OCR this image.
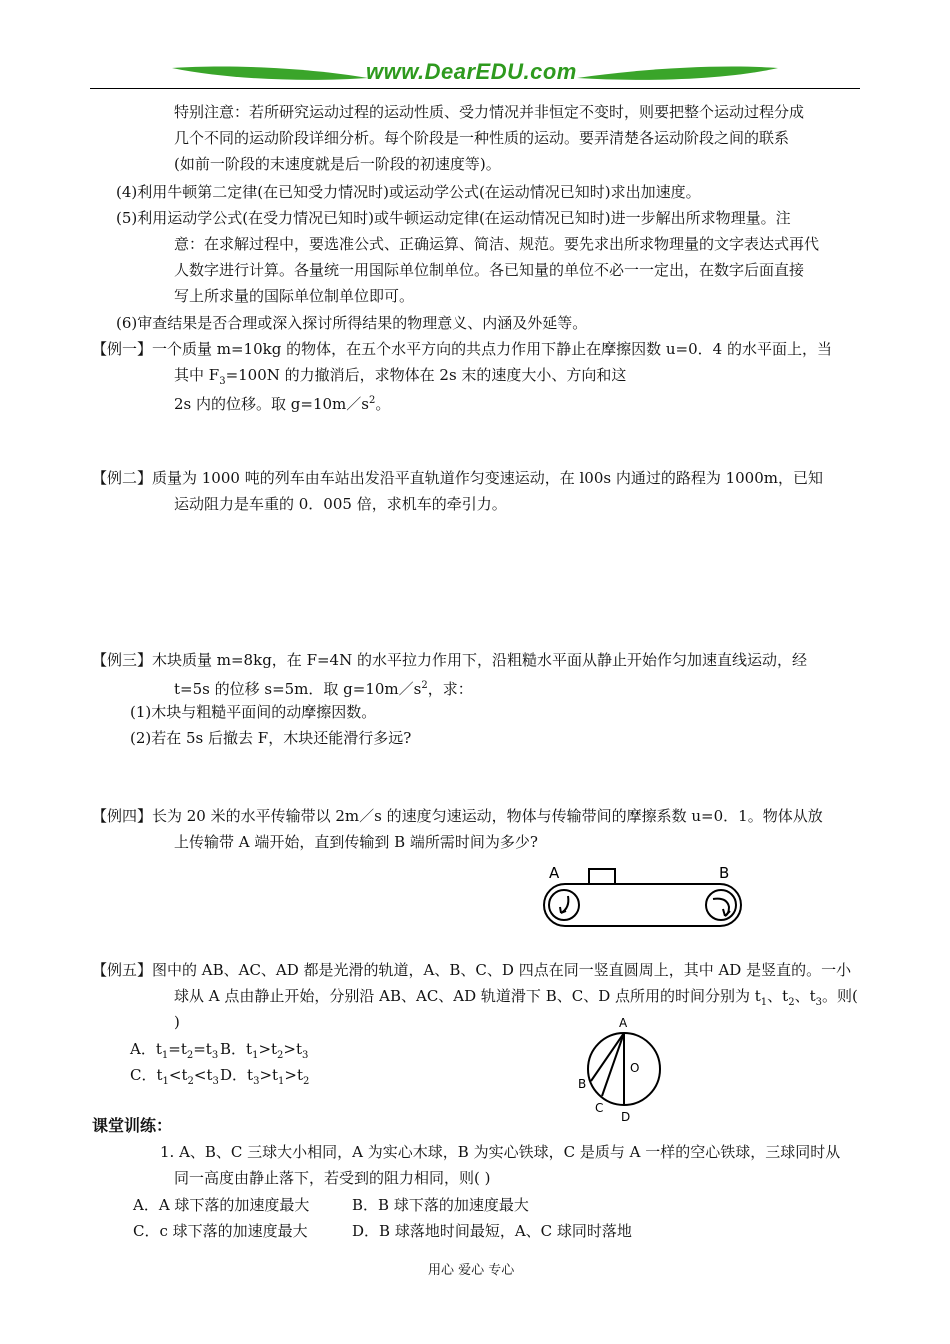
www.DearEDU.com
特别注意：若所研究运动过程的运动性质、受力情况并非恒定不变时，则要把整个运动过程分成
几个不同的运动阶段详细分析。每个阶段是一种性质的运动。要弄清楚各运动阶段之间的联系
(如前一阶段的末速度就是后一阶段的初速度等)。
(4)利用牛顿第二定律(在已知受力情况时)或运动学公式(在运动情况已知时)求出加速度。
(5)利用运动学公式(在受力情况已知时)或牛顿运动定律(在运动情况已知时)进一步解出所求物理量。注
意：在求解过程中，要选准公式、正确运算、简洁、规范。要先求出所求物理量的文字表达式再代
人数字进行计算。各量统一用国际单位制单位。各已知量的单位不必一一定出，在数字后面直接
写上所求量的国际单位制单位即可。
(6)审查结果是否合理或深入探讨所得结果的物理意义、内涵及外延等。
【例一】一个质量 m=10kg 的物体，在五个水平方向的共点力作用下静止在摩擦因数 u=0．4 的水平面上，当
其中 $F_3=100N$ 的力撤消后，求物体在 2s 末的速度大小、方向和这
2s 内的位移。取 $g=10m/s^2$。
【例二】质量为 1000 吨的列车由车站出发沿平直轨道作匀变速运动，在 l00s 内通过的路程为 1000m，已知
运动阻力是车重的 0．005 倍，求机车的牵引力。
【例三】木块质量 m=8kg，在 F=4N 的水平拉力作用下，沿粗糙水平面从静止开始作匀加速直线运动，经
t=5s 的位移 s=5m．取 $g=10m/s^2$，求：
(1)木块与粗糙平面间的动摩擦因数。
(2)若在 5s 后撤去 F，木块还能滑行多远?
【例四】长为 20 米的水平传输带以 2m／s 的速度匀速运动，物体与传输带间的摩擦系数 u=0．1。物体从放
上传输带 A 端开始，直到传输到 B 端所需时间为多少?
A	B
【例五】图中的 AB、AC、AD 都是光滑的轨道，A、B、C、D 四点在同一竖直圆周上，其中 AD 是竖直的。一小
球从 A 点由静止开始，分别沿 AB、AC、AD 轨道滑下 B、C、D 点所用的时间分别为 $t_1$、$t_2$、$t_3$。则(
)
A．$t_1=t_2=t_3$ B．$t_1>t_2>t_3$
C．$t_1<t_2<t_3$ D．$t_3>t_1>t_2$
A
B
C
D
O
课堂训练：
1. A、B、C 三球大小相同，A 为实心木球，B 为实心铁球，C 是质与 A 一样的空心铁球，三球同时从
同一高度由静止落下，若受到的阻力相同，则( )
A．A 球下落的加速度最大	B．B 球下落的加速度最大
C．c 球下落的加速度最大	D．B 球落地时间最短，A、C 球同时落地
用心 爱心 专心
